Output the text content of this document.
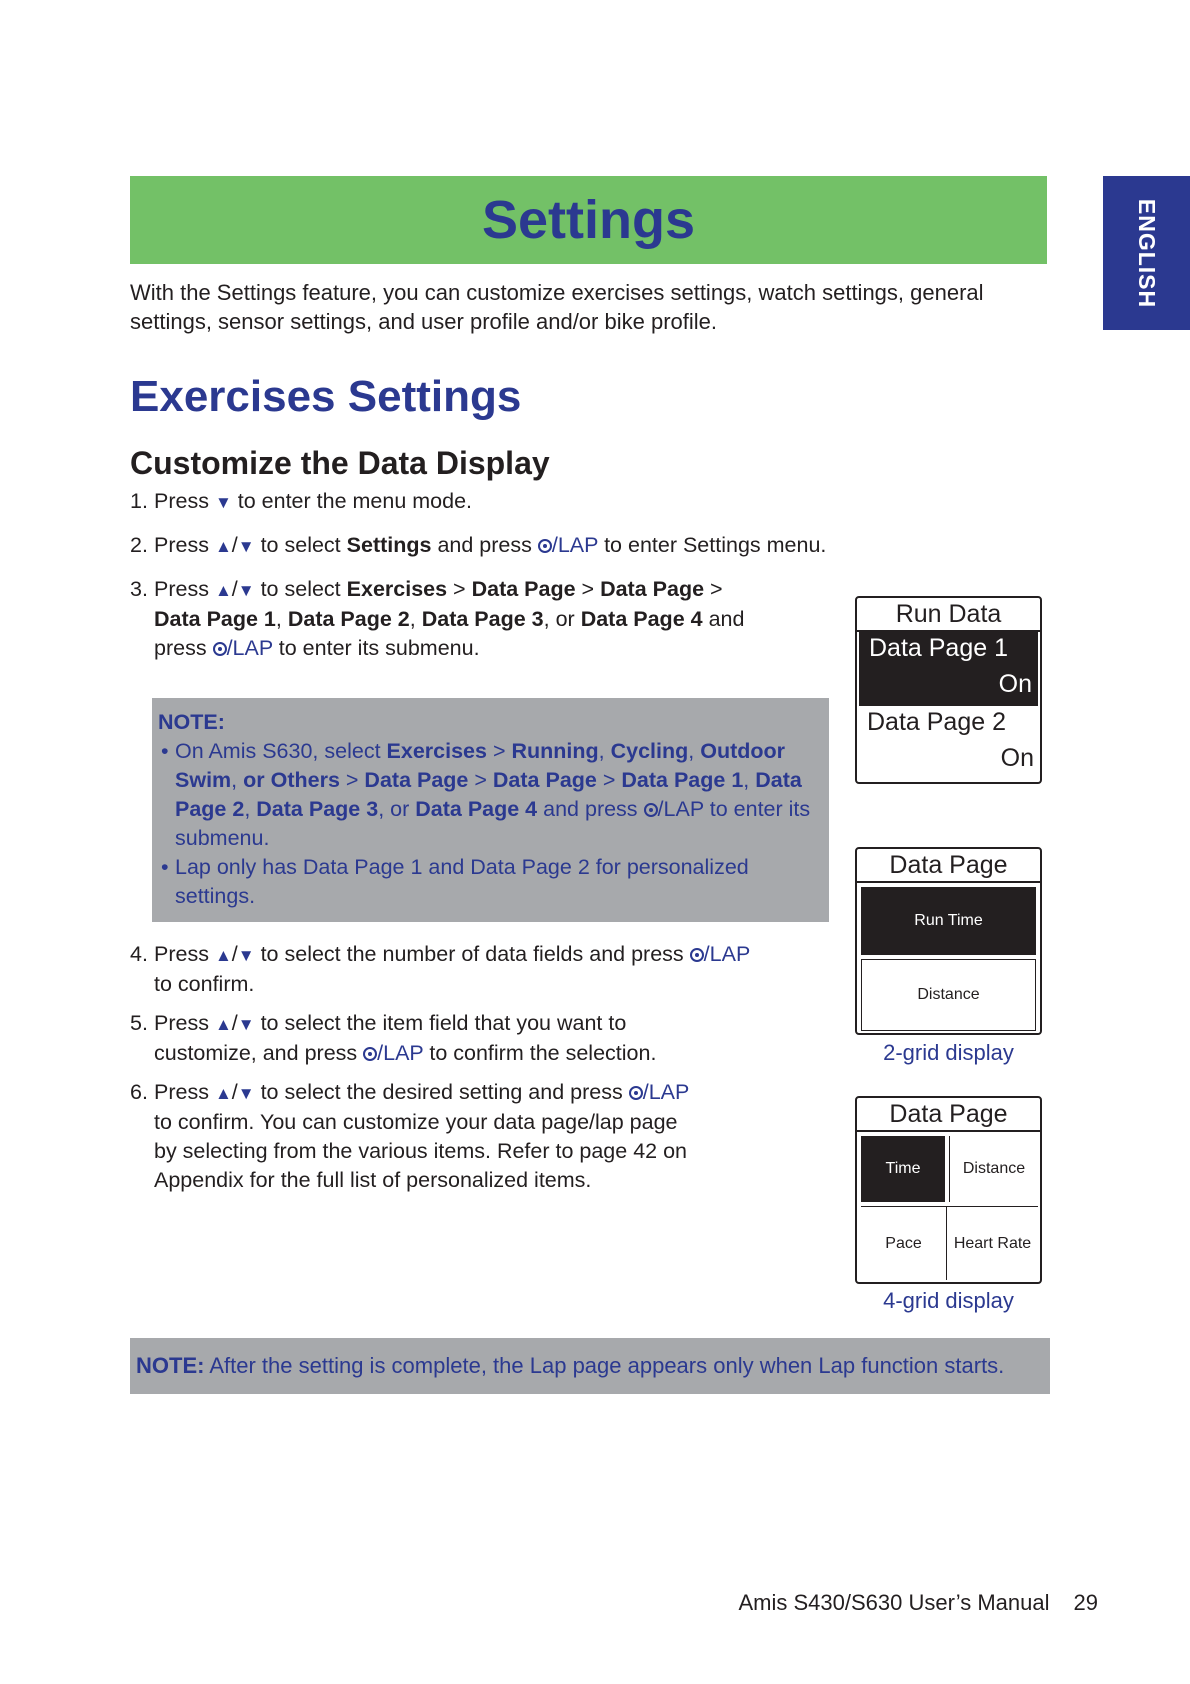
Settings	ENGLISH
With the Settings feature, you can customize exercises settings, watch settings, general settings, sensor settings, and user profile and/or bike profile.
Exercises Settings
Customize the Data Display
1. Press ▼ to enter the menu mode.
2. Press ▲/▼ to select Settings and press /LAP to enter Settings menu.
3. Press ▲/▼ to select Exercises > Data Page > Data Page >
Data Page 1, Data Page 2, Data Page 3, or Data Page 4 and
press /LAP to enter its submenu.
NOTE:
• On Amis S630, select Exercises > Running, Cycling, Outdoor Swim, or Others > Data Page > Data Page > Data Page 1, Data Page 2, Data Page 3, or Data Page 4 and press /LAP to enter its submenu.
• Lap only has Data Page 1 and Data Page 2 for personalized settings.
4. Press ▲/▼ to select the number of data fields and press /LAP
to confirm.
5. Press ▲/▼ to select the item field that you want to
customize, and press /LAP to confirm the selection.
6. Press ▲/▼ to select the desired setting and press /LAP
to confirm. You can customize your data page/lap page
by selecting from the various items. Refer to page 42 on
Appendix for the full list of personalized items.
Run Data
Data Page 1
On
Data Page 2
On
Data Page
Run Time
Distance
2-grid display
Data Page
Time	Distance
Pace	Heart Rate
4-grid display
NOTE: After the setting is complete, the Lap page appears only when Lap function starts.
Amis S430/S630 User’s Manual 29
